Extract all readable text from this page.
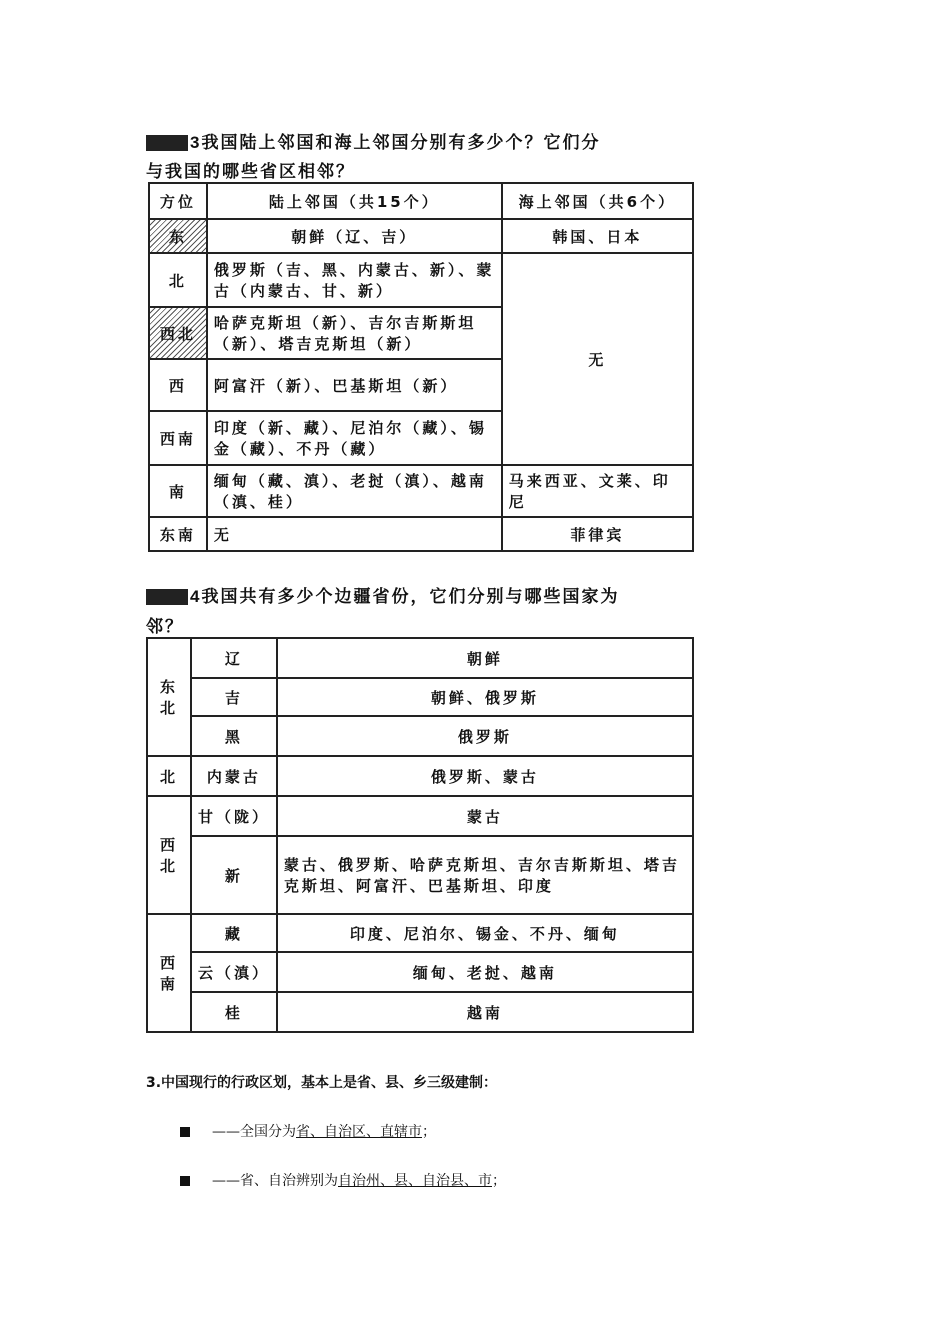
3我国陆上邻国和海上邻国分别有多少个？它们分
与我国的哪些省区相邻？
方位	陆上邻国（共15个）	海上邻国（共6个）
东	朝鲜（辽、吉）	韩国、日本
北	俄罗斯（吉、黑、内蒙古、新）、蒙古（内蒙古、甘、新）	无
西北	哈萨克斯坦（新）、吉尔吉斯斯坦（新）、塔吉克斯坦（新）	
西	阿富汗（新）、巴基斯坦（新）	
西南	印度（新、藏）、尼泊尔（藏）、锡金（藏）、不丹（藏）	
南	缅甸（藏、滇）、老挝（滇）、越南（滇、桂）	马来西亚、文莱、印尼
东南	无	菲律宾
4我国共有多少个边疆省份，它们分别与哪些国家为
邻？
东北	辽	朝鲜
	吉	朝鲜、俄罗斯
	黑	俄罗斯
北	内蒙古	俄罗斯、蒙古
西北	甘（陇）	蒙古
	新	蒙古、俄罗斯、哈萨克斯坦、吉尔吉斯斯坦、塔吉克斯坦、阿富汗、巴基斯坦、印度
西南	藏	印度、尼泊尔、锡金、不丹、缅甸
	云（滇）	缅甸、老挝、越南
	桂	越南
3.中国现行的行政区划，基本上是省、县、乡三级建制：
——全国分为省、自治区、直辖市；
——省、自治辨别为自治州、县、自治县、市；
